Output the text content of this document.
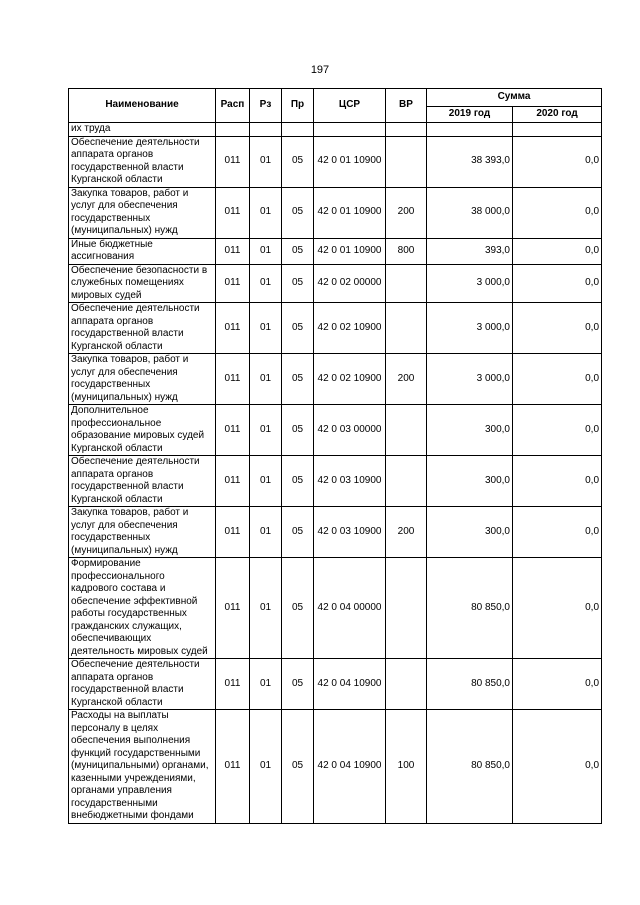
197
Наименование	Расп	Рз	Пр	ЦСР	ВР	Сумма	
						2019 год	2020 год
их труда							
Обеспечение деятельности аппарата органов государственной власти Курганской области	011	01	05	42 0 01 10900		38 393,0	0,0
Закупка товаров, работ и услуг для обеспечения государственных (муниципальных) нужд	011	01	05	42 0 01 10900	200	38 000,0	0,0
Иные бюджетные ассигнования	011	01	05	42 0 01 10900	800	393,0	0,0
Обеспечение безопасности в служебных помещениях мировых судей	011	01	05	42 0 02 00000		3 000,0	0,0
Обеспечение деятельности аппарата органов государственной власти Курганской области	011	01	05	42 0 02 10900		3 000,0	0,0
Закупка товаров, работ и услуг для обеспечения государственных (муниципальных) нужд	011	01	05	42 0 02 10900	200	3 000,0	0,0
Дополнительное профессиональное образование мировых судей Курганской области	011	01	05	42 0 03 00000		300,0	0,0
Обеспечение деятельности аппарата органов государственной власти Курганской области	011	01	05	42 0 03 10900		300,0	0,0
Закупка товаров, работ и услуг для обеспечения государственных (муниципальных) нужд	011	01	05	42 0 03 10900	200	300,0	0,0
Формирование профессионального кадрового состава и обеспечение эффективной работы государственных гражданских служащих, обеспечивающих деятельность мировых судей	011	01	05	42 0 04 00000		80 850,0	0,0
Обеспечение деятельности аппарата органов государственной власти Курганской области	011	01	05	42 0 04 10900		80 850,0	0,0
Расходы на выплаты персоналу в целях обеспечения выполнения функций государственными (муниципальными) органами, казенными учреждениями, органами управления государственными внебюджетными фондами	011	01	05	42 0 04 10900	100	80 850,0	0,0
